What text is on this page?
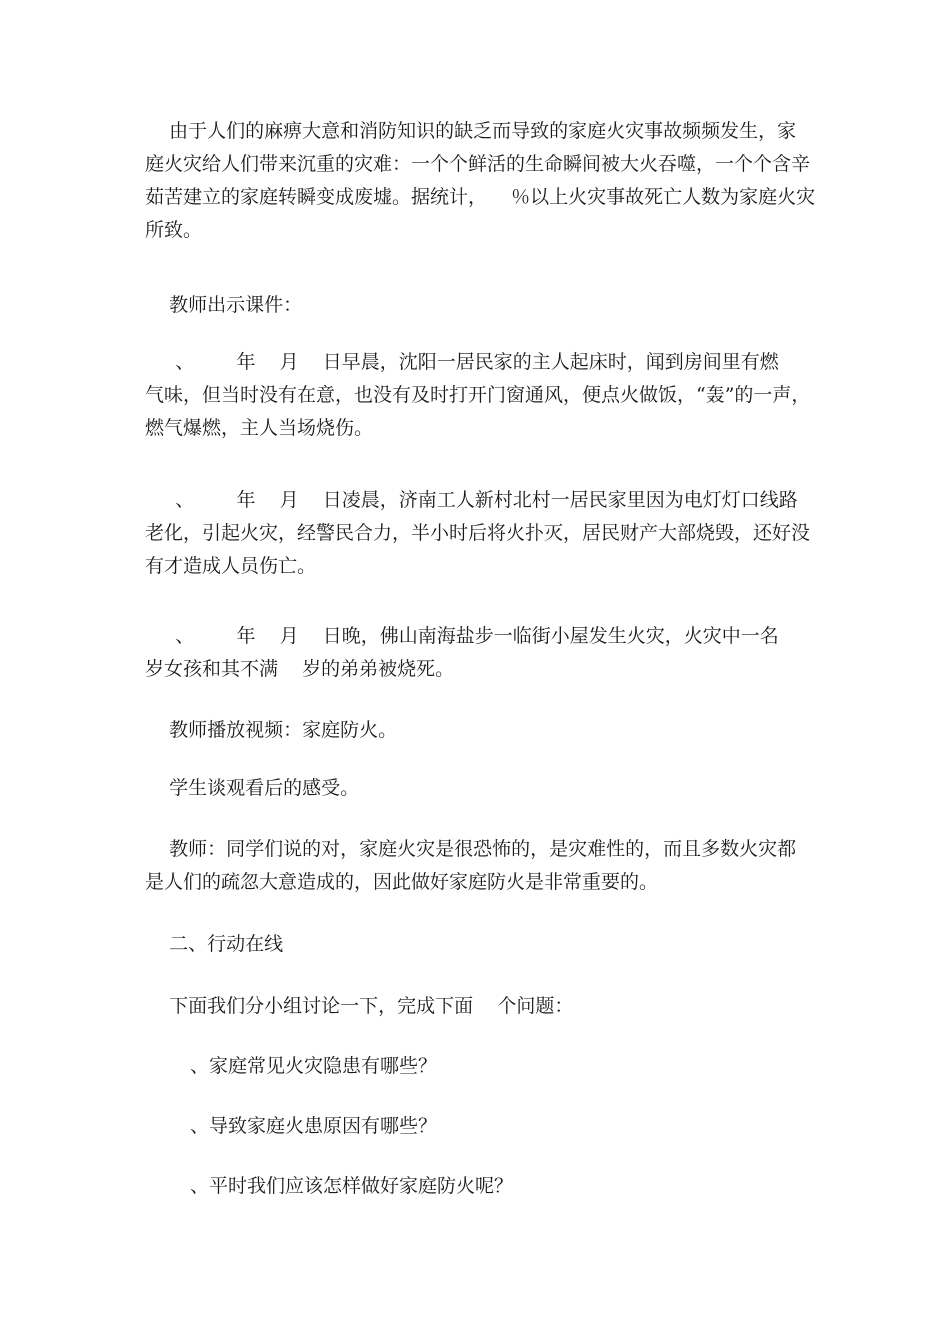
由于人们的麻痹大意和消防知识的缺乏而导致的家庭火灾事故频频发生，家
庭火灾给人们带来沉重的灾难：一个个鲜活的生命瞬间被大火吞噬，一个个含辛
茹苦建立的家庭转瞬变成废墟。据统计，    ％以上火灾事故死亡人数为家庭火灾
所致。

教师出示课件：

、       年    月    日早晨，沈阳一居民家的主人起床时，闻到房间里有燃
气味，但当时没有在意，也没有及时打开门窗通风，便点火做饭，“轰”的一声，
燃气爆燃，主人当场烧伤。

、       年    月    日凌晨，济南工人新村北村一居民家里因为电灯灯口线路
老化，引起火灾，经警民合力，半小时后将火扑灭，居民财产大部烧毁，还好没
有才造成人员伤亡。

、       年    月    日晚，佛山南海盐步一临街小屋发生火灾，火灾中一名
岁女孩和其不满    岁的弟弟被烧死。

教师播放视频：家庭防火。

学生谈观看后的感受。

教师：同学们说的对，家庭火灾是很恐怖的，是灾难性的，而且多数火灾都
是人们的疏忽大意造成的，因此做好家庭防火是非常重要的。

二、行动在线

下面我们分小组讨论一下，完成下面    个问题：

、家庭常见火灾隐患有哪些？

、导致家庭火患原因有哪些？

、平时我们应该怎样做好家庭防火呢？
